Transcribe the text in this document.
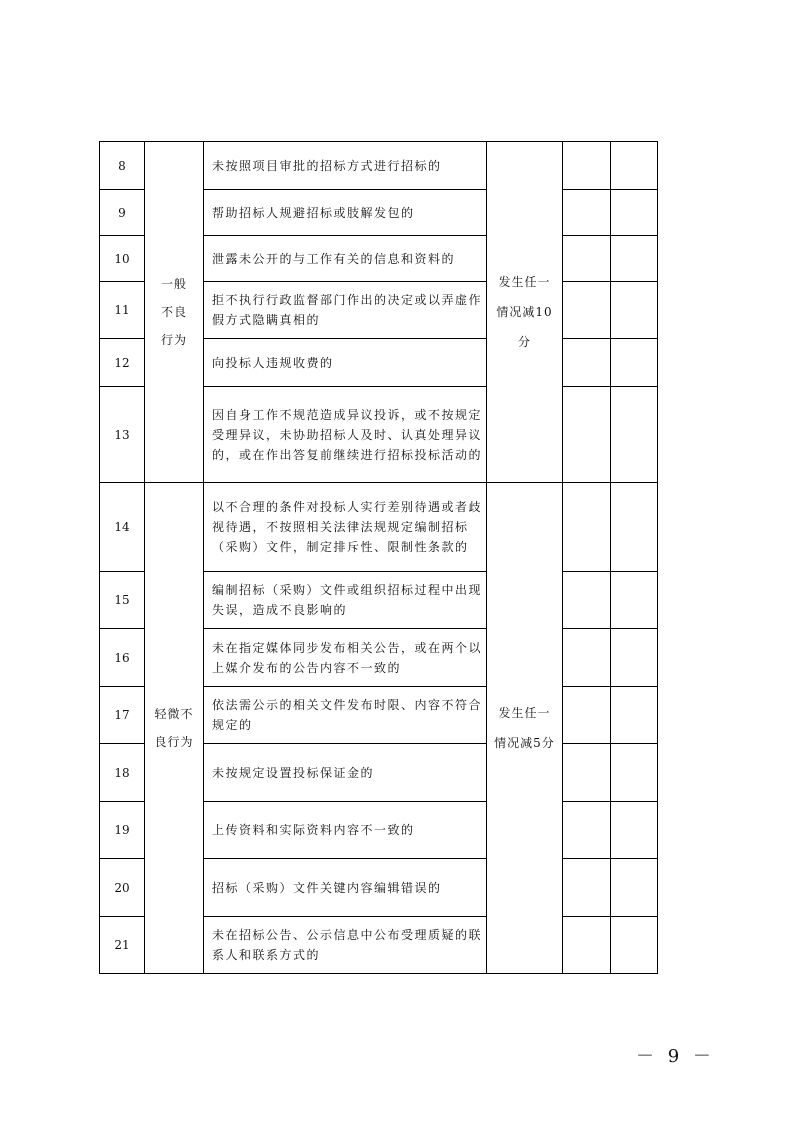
8	一般不良行为	未按照项目审批的招标方式进行招标的	发生任一情况减10分		

9		帮助招标人规避招标或肢解发包的			
10		泄露未公开的与工作有关的信息和资料的			
11		拒不执行行政监督部门作出的决定或以弄虚作假方式隐瞒真相的			
12		向投标人违规收费的			
13		因自身工作不规范造成异议投诉，或不按规定受理异议，未协助招标人及时、认真处理异议的，或在作出答复前继续进行招标投标活动的			
14	轻微不良行为	以不合理的条件对投标人实行差别待遇或者歧视待遇，不按照相关法律法规规定编制招标（采购）文件，制定排斥性、限制性条款的	发生任一情况减5分		

15		编制招标（采购）文件或组织招标过程中出现失误，造成不良影响的			
16		未在指定媒体同步发布相关公告，或在两个以上媒介发布的公告内容不一致的			
17		依法需公示的相关文件发布时限、内容不符合规定的			
18		未按规定设置投标保证金的			
19		上传资料和实际资料内容不一致的			
20		招标（采购）文件关键内容编辑错误的			
21		未在招标公告、公示信息中公布受理质疑的联系人和联系方式的			
－ 9 －
